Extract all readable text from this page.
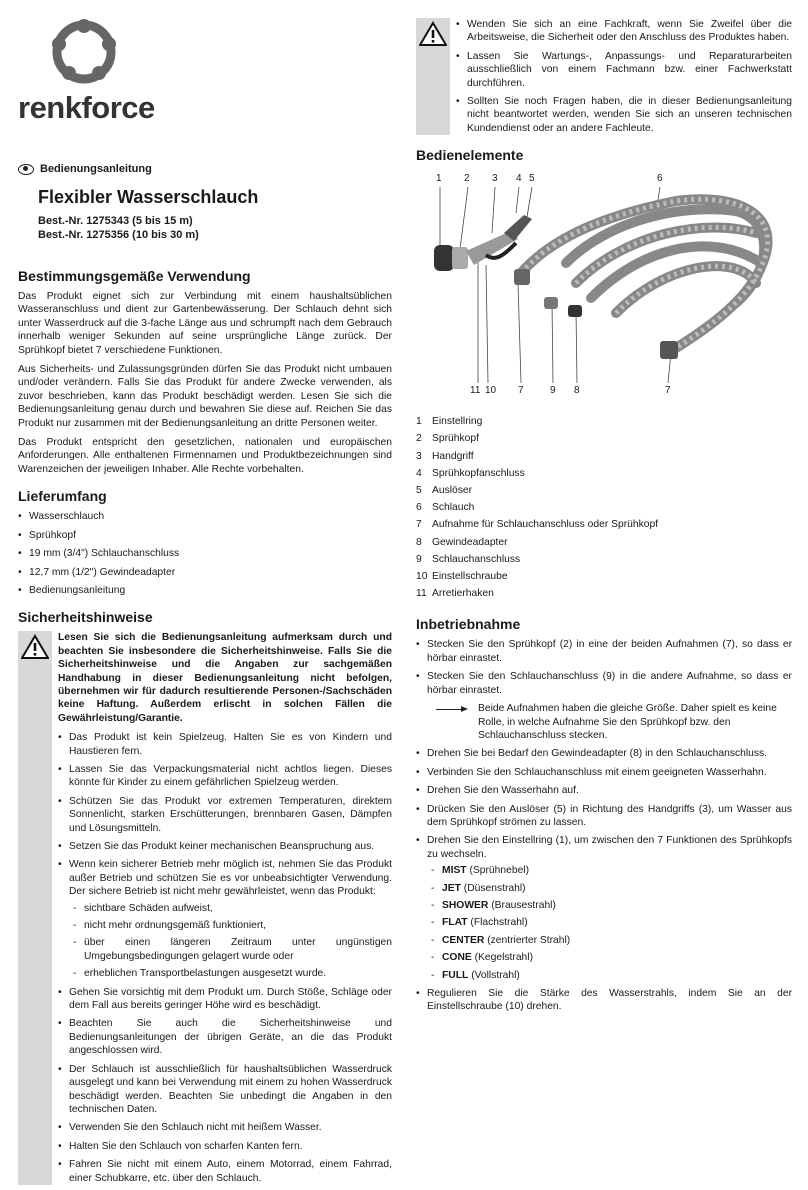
renkforce
Bedienungsanleitung
Flexibler Wasserschlauch
Best.-Nr. 1275343 (5 bis 15 m)
Best.-Nr. 1275356 (10 bis 30 m)
Bestimmungsgemäße Verwendung

Das Produkt eignet sich zur Verbindung mit einem haushaltsüblichen Wasseranschluss und dient zur Gartenbewässerung. Der Schlauch dehnt sich unter Wasserdruck auf die 3-fache Länge aus und schrumpft nach dem Gebrauch innerhalb weniger Sekunden auf seine ursprüngliche Länge zurück. Der Sprühkopf bietet 7 verschiedene Funktionen.

Aus Sicherheits- und Zulassungsgründen dürfen Sie das Produkt nicht umbauen und/oder verändern. Falls Sie das Produkt für andere Zwecke verwenden, als zuvor beschrieben, kann das Produkt beschädigt werden. Lesen Sie sich die Bedienungsanleitung genau durch und bewahren Sie diese auf. Reichen Sie das Produkt nur zusammen mit der Bedienungsanleitung an dritte Personen weiter.

Das Produkt entspricht den gesetzlichen, nationalen und europäischen Anforderungen. Alle enthaltenen Firmennamen und Produktbezeichnungen sind Warenzeichen der jeweiligen Inhaber. Alle Rechte vorbehalten.

Lieferumfang
• Wasserschlauch
• Sprühkopf
• 19 mm (3/4") Schlauchanschluss
• 12,7 mm (1/2") Gewindeadapter
• Bedienungsanleitung
Sicherheitshinweise
Lesen Sie sich die Bedienungsanleitung aufmerksam durch und beachten Sie insbesondere die Sicherheitshinweise. Falls Sie die Sicherheitshinweise und die Angaben zur sachgemäßen Handhabung in dieser Bedienungsanleitung nicht befolgen, übernehmen wir für dadurch resultierende Personen-/Sachschäden keine Haftung. Außerdem erlischt in solchen Fällen die Gewährleistung/Garantie.
• Das Produkt ist kein Spielzeug. Halten Sie es von Kindern und Haustieren fern.
• Lassen Sie das Verpackungsmaterial nicht achtlos liegen. Dieses könnte für Kinder zu einem gefährlichen Spielzeug werden.
• Schützen Sie das Produkt vor extremen Temperaturen, direktem Sonnenlicht, starken Erschütterungen, brennbaren Gasen, Dämpfen und Lösungsmitteln.
• Setzen Sie das Produkt keiner mechanischen Beanspruchung aus.
• Wenn kein sicherer Betrieb mehr möglich ist, nehmen Sie das Produkt außer Betrieb und schützen Sie es vor unbeabsichtigter Verwendung. Der sichere Betrieb ist nicht mehr gewährleistet, wenn das Produkt:
- sichtbare Schäden aufweist,
- nicht mehr ordnungsgemäß funktioniert,
- über einen längeren Zeitraum unter ungünstigen Umgebungsbedingungen gelagert wurde oder
- erheblichen Transportbelastungen ausgesetzt wurde.
• Gehen Sie vorsichtig mit dem Produkt um. Durch Stöße, Schläge oder dem Fall aus bereits geringer Höhe wird es beschädigt.
• Beachten Sie auch die Sicherheitshinweise und Bedienungsanleitungen der übrigen Geräte, an die das Produkt angeschlossen wird.
• Der Schlauch ist ausschließlich für haushaltsüblichen Wasserdruck ausgelegt und kann bei Verwendung mit einem zu hohen Wasserdruck beschädigt werden. Beachten Sie unbedingt die Angaben in den technischen Daten.
• Verwenden Sie den Schlauch nicht mit heißem Wasser.
• Halten Sie den Schlauch von scharfen Kanten fern.
• Fahren Sie nicht mit einem Auto, einem Motorrad, einem Fahrrad, einer Schubkarre, etc. über den Schlauch.
• Wenden Sie sich an eine Fachkraft, wenn Sie Zweifel über die Arbeitsweise, die Sicherheit oder den Anschluss des Produktes haben.
• Lassen Sie Wartungs-, Anpassungs- und Reparaturarbeiten ausschließlich von einem Fachmann bzw. einer Fachwerkstatt durchführen.
• Sollten Sie noch Fragen haben, die in dieser Bedienungsanleitung nicht beantwortet werden, wenden Sie sich an unseren technischen Kundendienst oder an andere Fachleute.
Bedienelemente
1 2 3 4 5	6
11 10 7	9 8	7
1 Einstellring
2 Sprühkopf
3 Handgriff
4 Sprühkopfanschluss
5 Auslöser
6 Schlauch
7 Aufnahme für Schlauchanschluss oder Sprühkopf
8 Gewindeadapter
9 Schlauchanschluss
10 Einstellschraube
11 Arretierhaken
Inbetriebnahme
• Stecken Sie den Sprühkopf (2) in eine der beiden Aufnahmen (7), so dass er hörbar einrastet.
• Stecken Sie den Schlauchanschluss (9) in die andere Aufnahme, so dass er hörbar einrastet.
Beide Aufnahmen haben die gleiche Größe. Daher spielt es keine Rolle, in welche Aufnahme Sie den Sprühkopf bzw. den Schlauchanschluss stecken.
• Drehen Sie bei Bedarf den Gewindeadapter (8) in den Schlauchanschluss.
• Verbinden Sie den Schlauchanschluss mit einem geeigneten Wasserhahn.
• Drehen Sie den Wasserhahn auf.
• Drücken Sie den Auslöser (5) in Richtung des Handgriffs (3), um Wasser aus dem Sprühkopf strömen zu lassen.
• Drehen Sie den Einstellring (1), um zwischen den 7 Funktionen des Sprühkopfs zu wechseln.
- MIST (Sprühnebel)
- JET (Düsenstrahl)
- SHOWER (Brausestrahl)
- FLAT (Flachstrahl)
- CENTER (zentrierter Strahl)
- CONE (Kegelstrahl)
- FULL (Vollstrahl)
• Regulieren Sie die Stärke des Wasserstrahls, indem Sie an der Einstellschraube (10) drehen.
